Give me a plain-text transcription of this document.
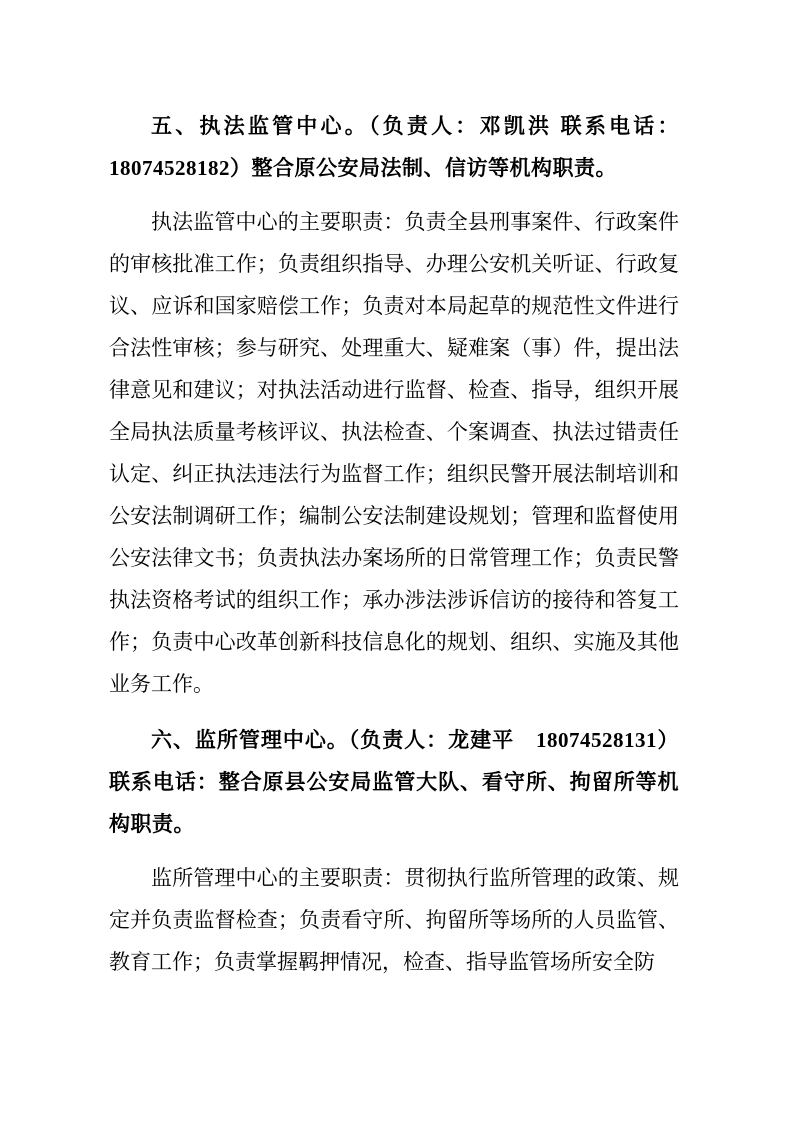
五、执法监管中心。（负责人：邓凯洪 联系电话：18074528182）整合原公安局法制、信访等机构职责。

执法监管中心的主要职责：负责全县刑事案件、行政案件的审核批准工作；负责组织指导、办理公安机关听证、行政复议、应诉和国家赔偿工作；负责对本局起草的规范性文件进行合法性审核；参与研究、处理重大、疑难案（事）件，提出法律意见和建议；对执法活动进行监督、检查、指导，组织开展全局执法质量考核评议、执法检查、个案调查、执法过错责任认定、纠正执法违法行为监督工作；组织民警开展法制培训和公安法制调研工作；编制公安法制建设规划；管理和监督使用公安法律文书；负责执法办案场所的日常管理工作；负责民警执法资格考试的组织工作；承办涉法涉诉信访的接待和答复工作；负责中心改革创新科技信息化的规划、组织、实施及其他业务工作。

六、监所管理中心。（负责人：龙建平　18074528131）联系电话：整合原县公安局监管大队、看守所、拘留所等机构职责。

监所管理中心的主要职责：贯彻执行监所管理的政策、规定并负责监督检查；负责看守所、拘留所等场所的人员监管、教育工作；负责掌握羁押情况，检查、指导监管场所安全防
